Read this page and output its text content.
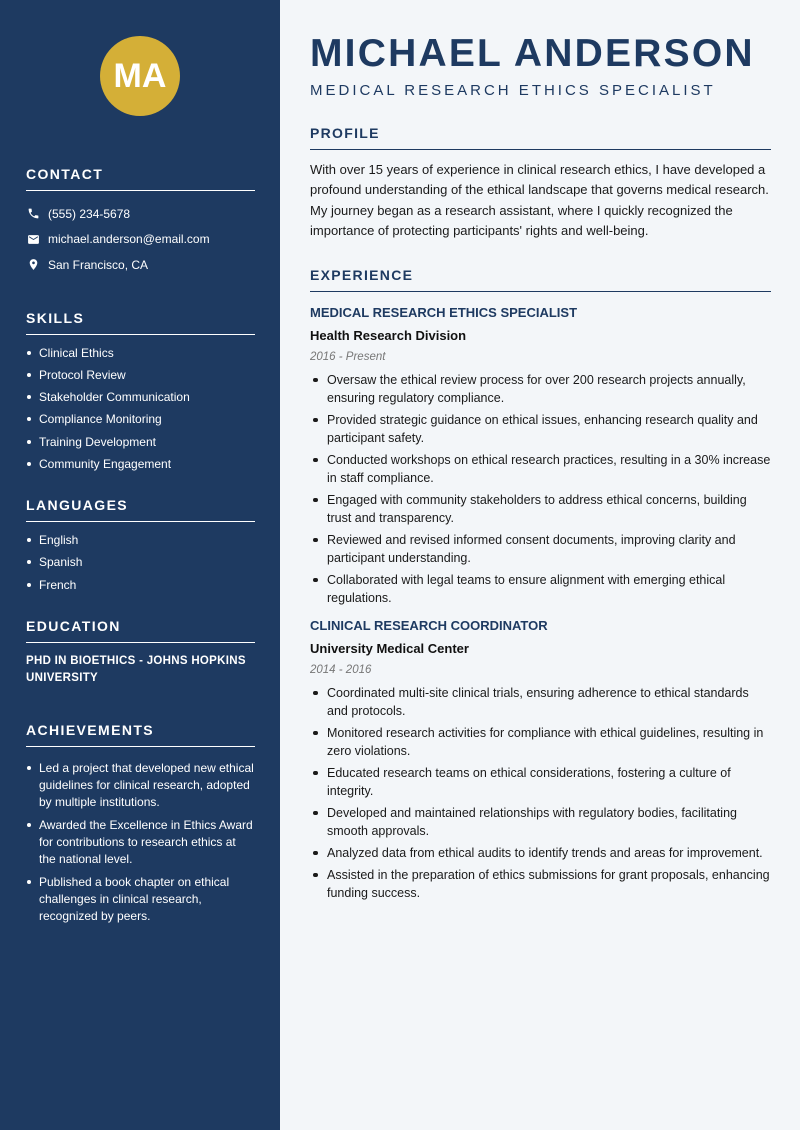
MA
CONTACT
(555) 234-5678
michael.anderson@email.com
San Francisco, CA
SKILLS
Clinical Ethics
Protocol Review
Stakeholder Communication
Compliance Monitoring
Training Development
Community Engagement
LANGUAGES
English
Spanish
French
EDUCATION
PHD IN BIOETHICS - JOHNS HOPKINS UNIVERSITY
ACHIEVEMENTS
Led a project that developed new ethical guidelines for clinical research, adopted by multiple institutions.
Awarded the Excellence in Ethics Award for contributions to research ethics at the national level.
Published a book chapter on ethical challenges in clinical research, recognized by peers.
MICHAEL ANDERSON
MEDICAL RESEARCH ETHICS SPECIALIST
PROFILE
With over 15 years of experience in clinical research ethics, I have developed a profound understanding of the ethical landscape that governs medical research. My journey began as a research assistant, where I quickly recognized the importance of protecting participants' rights and well-being.
EXPERIENCE
MEDICAL RESEARCH ETHICS SPECIALIST
Health Research Division
2016 - Present
Oversaw the ethical review process for over 200 research projects annually, ensuring regulatory compliance.
Provided strategic guidance on ethical issues, enhancing research quality and participant safety.
Conducted workshops on ethical research practices, resulting in a 30% increase in staff compliance.
Engaged with community stakeholders to address ethical concerns, building trust and transparency.
Reviewed and revised informed consent documents, improving clarity and participant understanding.
Collaborated with legal teams to ensure alignment with emerging ethical regulations.
CLINICAL RESEARCH COORDINATOR
University Medical Center
2014 - 2016
Coordinated multi-site clinical trials, ensuring adherence to ethical standards and protocols.
Monitored research activities for compliance with ethical guidelines, resulting in zero violations.
Educated research teams on ethical considerations, fostering a culture of integrity.
Developed and maintained relationships with regulatory bodies, facilitating smooth approvals.
Analyzed data from ethical audits to identify trends and areas for improvement.
Assisted in the preparation of ethics submissions for grant proposals, enhancing funding success.
